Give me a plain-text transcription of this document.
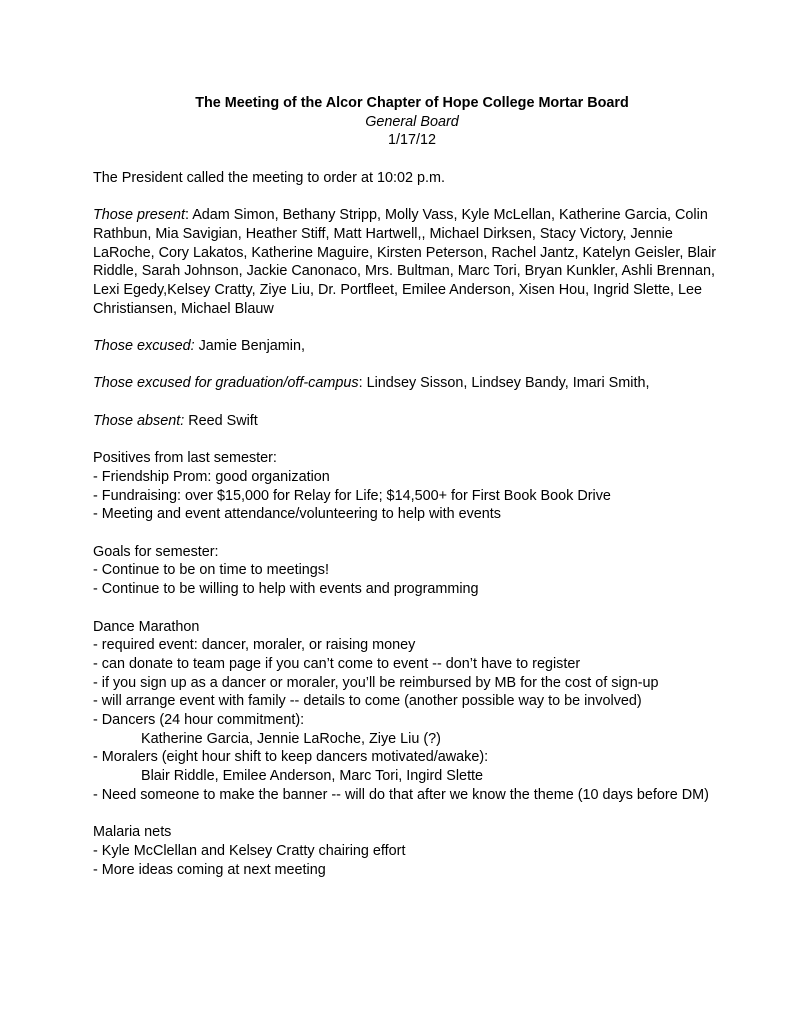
The Meeting of the Alcor Chapter of Hope College Mortar Board

General Board

1/17/12

The President called the meeting to order at 10:02 p.m.

Those present: Adam Simon, Bethany Stripp, Molly Vass, Kyle McLellan, Katherine Garcia, Colin Rathbun, Mia Savigian, Heather Stiff, Matt Hartwell,, Michael Dirksen, Stacy Victory, Jennie LaRoche, Cory Lakatos, Katherine Maguire, Kirsten Peterson, Rachel Jantz, Katelyn Geisler, Blair Riddle, Sarah Johnson, Jackie Canonaco, Mrs. Bultman, Marc Tori, Bryan Kunkler, Ashli Brennan, Lexi Egedy,Kelsey Cratty, Ziye Liu, Dr. Portfleet, Emilee Anderson, Xisen Hou, Ingrid Slette, Lee Christiansen, Michael Blauw

Those excused: Jamie Benjamin,

Those excused for graduation/off-campus: Lindsey Sisson, Lindsey Bandy, Imari Smith,

Those absent: Reed Swift

Positives from last semester:

- Friendship Prom: good organization
- Fundraising: over $15,000 for Relay for Life; $14,500+ for First Book Book Drive
- Meeting and event attendance/volunteering to help with events

Goals for semester:

- Continue to be on time to meetings!
- Continue to be willing to help with events and programming

Dance Marathon

- required event: dancer, moraler, or raising money
- can donate to team page if you can’t come to event -- don’t have to register
- if you sign up as a dancer or moraler, you’ll be reimbursed by MB for the cost of sign-up
- will arrange event with family -- details to come (another possible way to be involved)
- Dancers (24 hour commitment):
Katherine Garcia, Jennie LaRoche, Ziye Liu (?)
- Moralers (eight hour shift to keep dancers motivated/awake):
Blair Riddle, Emilee Anderson, Marc Tori, Ingird Slette
- Need someone to make the banner -- will do that after we know the theme (10 days before DM)

Malaria nets

- Kyle McClellan and Kelsey Cratty chairing effort
- More ideas coming at next meeting
